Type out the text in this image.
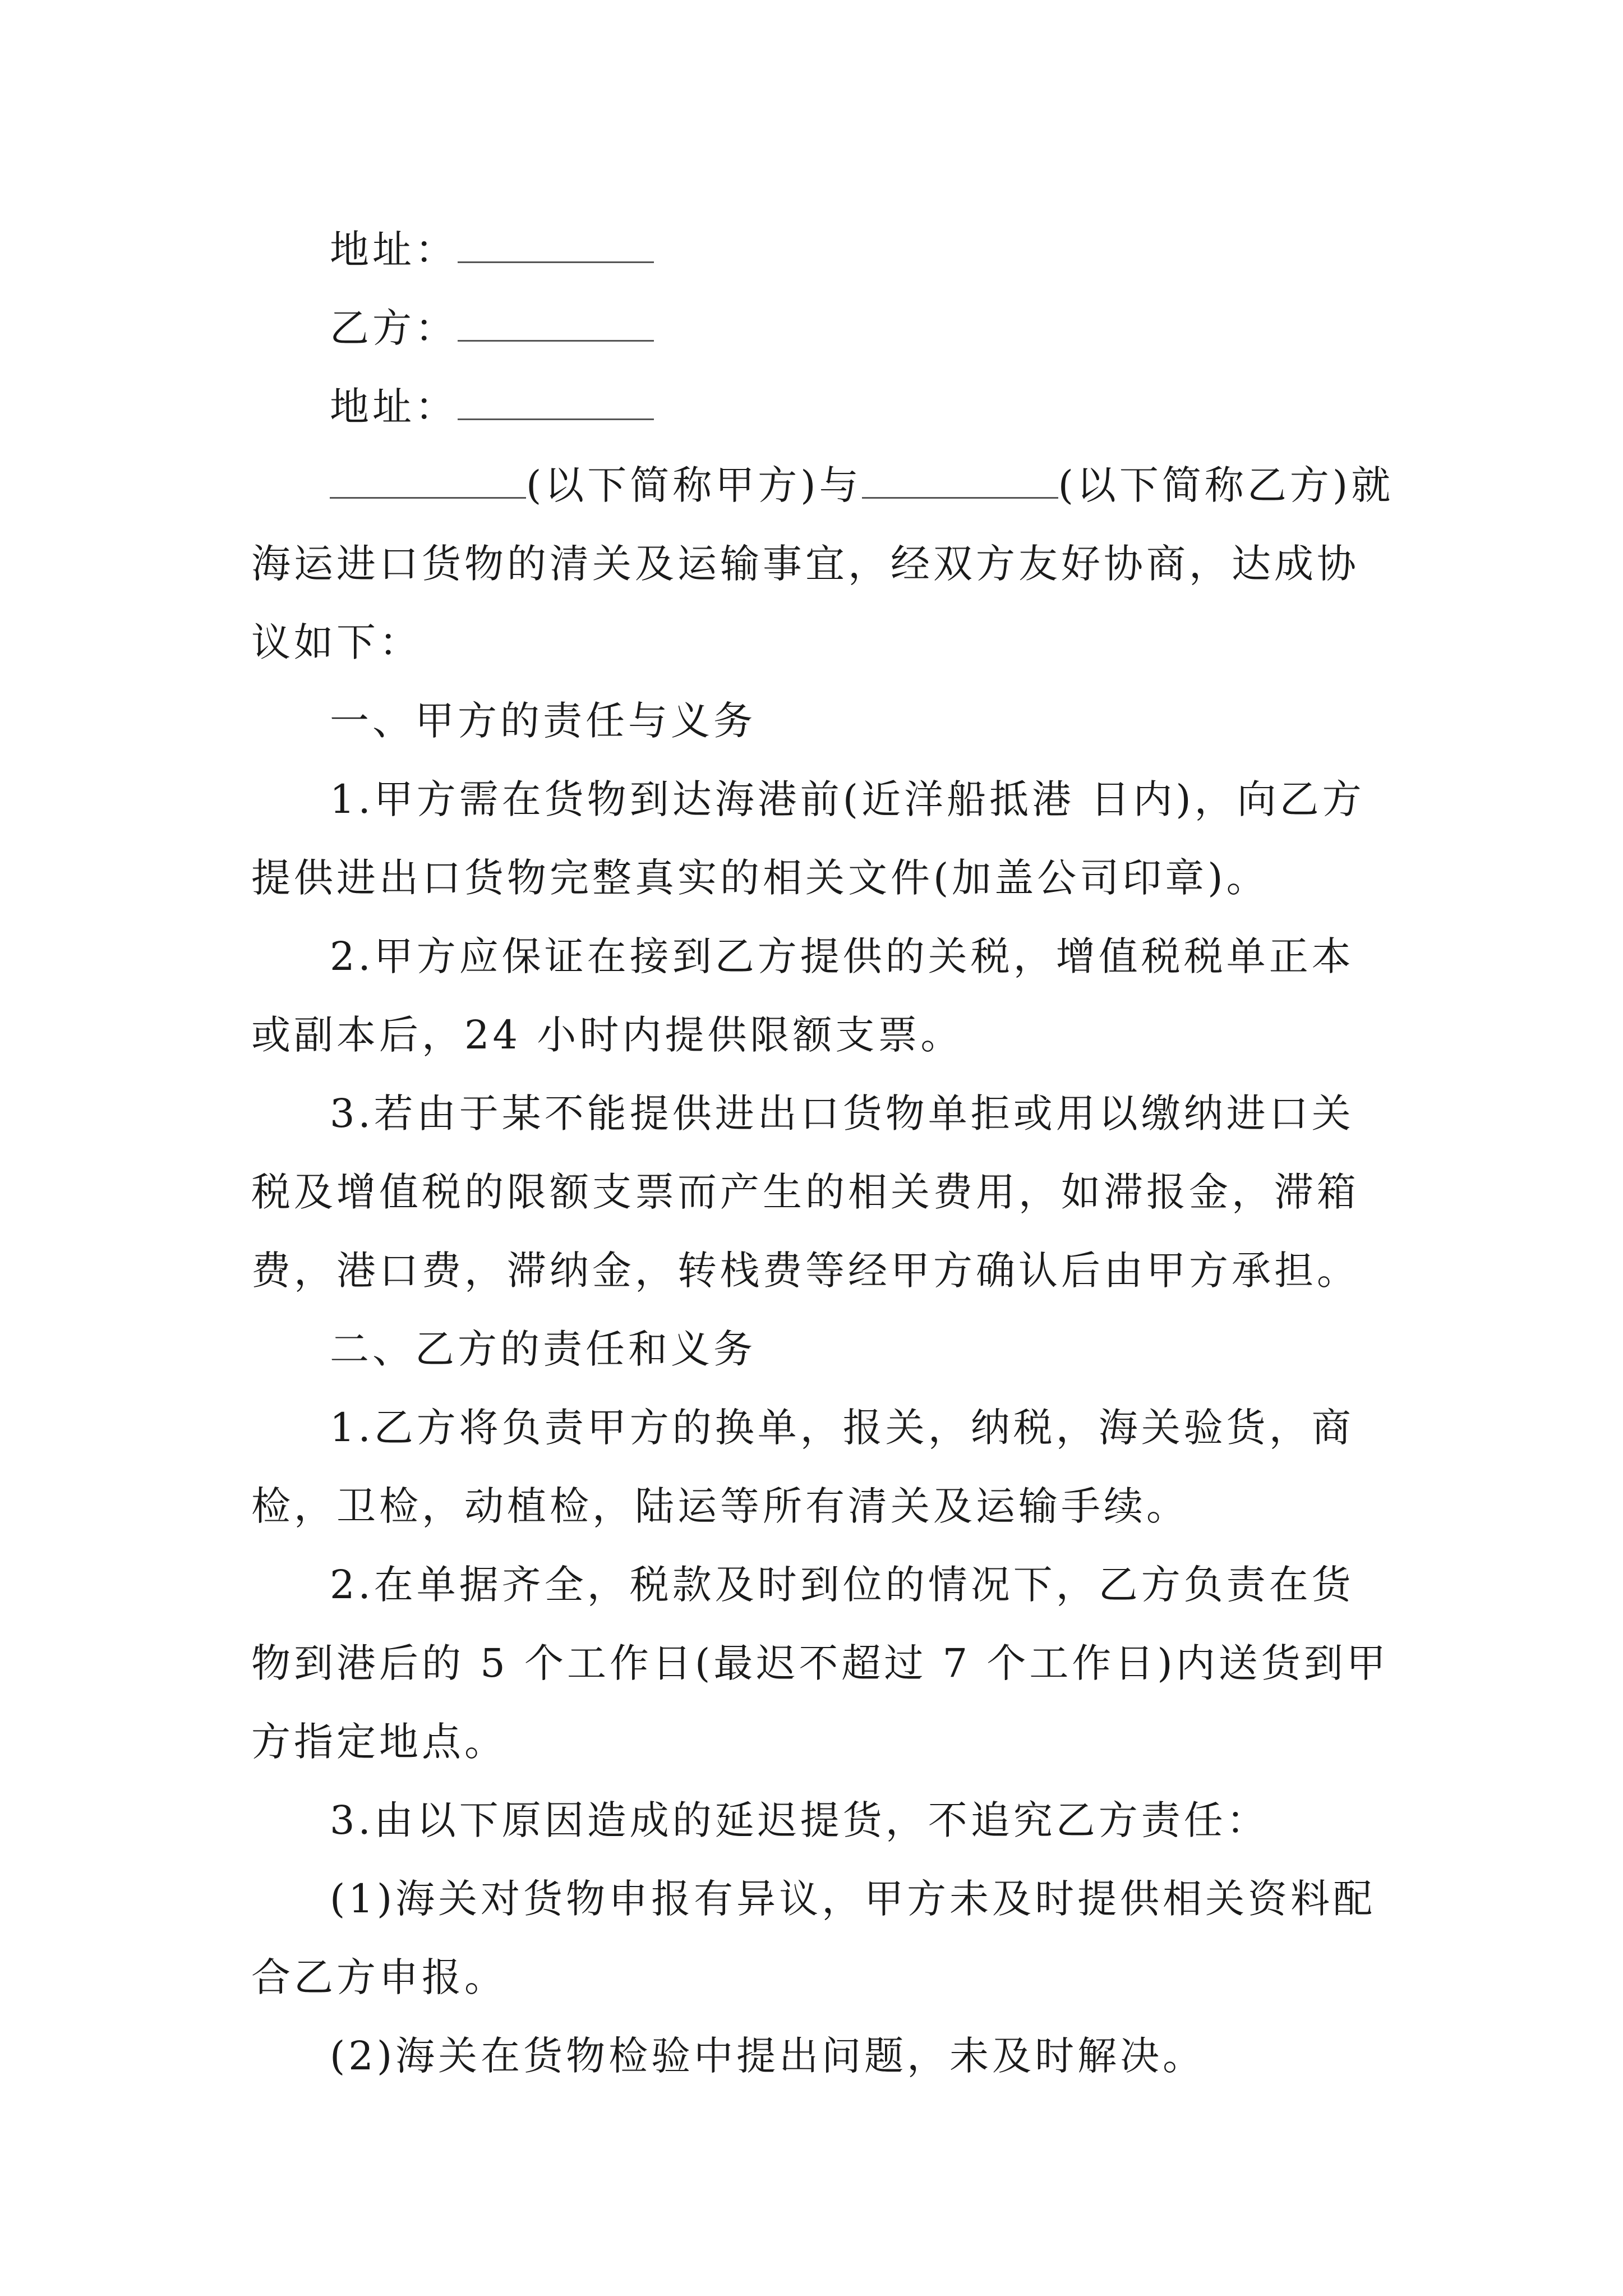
地址：

乙方：

地址：

(以下简称甲方)与	(以下简称乙方)就海运进口货物的清关及运输事宜，经双方友好协商，达成协议如下：

一、甲方的责任与义务

1.甲方需在货物到达海港前(近洋船抵港 日内)，向乙方提供进出口货物完整真实的相关文件(加盖公司印章)。

2.甲方应保证在接到乙方提供的关税，增值税税单正本或副本后，24 小时内提供限额支票。

3.若由于某不能提供进出口货物单拒或用以缴纳进口关税及增值税的限额支票而产生的相关费用，如滞报金，滞箱费，港口费，滞纳金，转栈费等经甲方确认后由甲方承担。

二、乙方的责任和义务

1.乙方将负责甲方的换单，报关，纳税，海关验货，商检，卫检，动植检，陆运等所有清关及运输手续。

2.在单据齐全，税款及时到位的情况下，乙方负责在货物到港后的 5 个工作日(最迟不超过 7 个工作日)内送货到甲方指定地点。

3.由以下原因造成的延迟提货，不追究乙方责任：

(1)海关对货物申报有异议，甲方未及时提供相关资料配合乙方申报。

(2)海关在货物检验中提出问题，未及时解决。
